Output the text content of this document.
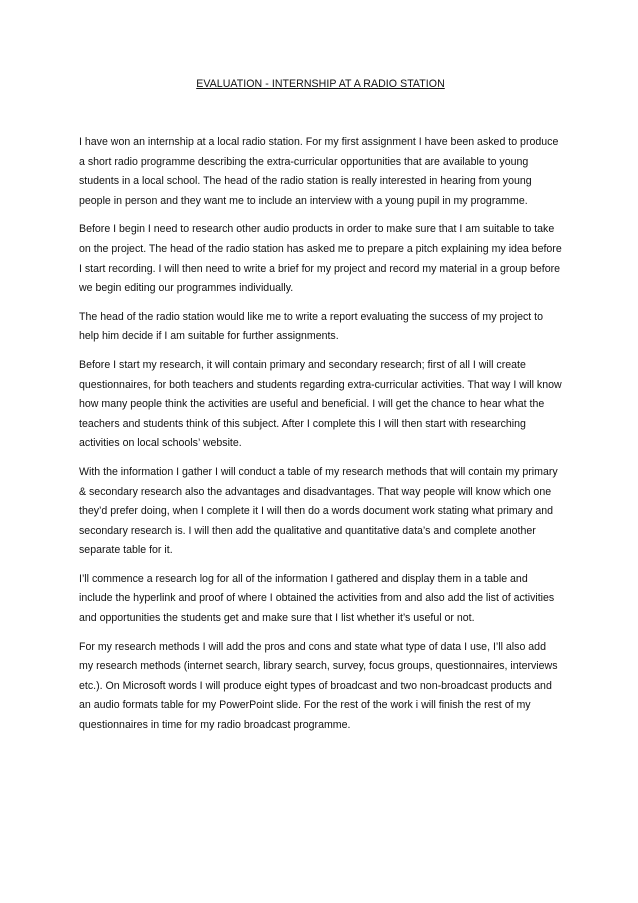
EVALUATION - INTERNSHIP AT A RADIO STATION

I have won an internship at a local radio station. For my first assignment I have been asked to produce a short radio programme describing the extra-curricular opportunities that are available to young students in a local school. The head of the radio station is really interested in hearing from young people in person and they want me to include an interview with a young pupil in my programme.

Before I begin I need to research other audio products in order to make sure that I am suitable to take on the project. The head of the radio station has asked me to prepare a pitch explaining my idea before I start recording. I will then need to write a brief for my project and record my material in a group before we begin editing our programmes individually.

The head of the radio station would like me to write a report evaluating the success of my project to help him decide if I am suitable for further assignments.

Before I start my research, it will contain primary and secondary research; first of all I will create questionnaires, for both teachers and students regarding extra-curricular activities. That way I will know how many people think the activities are useful and beneficial. I will get the chance to hear what the teachers and students think of this subject. After I complete this I will then start with researching activities on local schools’ website.

With the information I gather I will conduct a table of my research methods that will contain my primary & secondary research also the advantages and disadvantages. That way people will know which one they’d prefer doing, when I complete it I will then do a words document work stating what primary and secondary research is. I will then add the qualitative and quantitative data’s and complete another separate table for it.

I’ll commence a research log for all of the information I gathered and display them in a table and include the hyperlink and proof of where I obtained the activities from and also add the list of activities and opportunities the students get and make sure that I list whether it’s useful or not.

For my research methods I will add the pros and cons and state what type of data I use, I’ll also add my research methods (internet search, library search, survey, focus groups, questionnaires, interviews etc.). On Microsoft words I will produce eight types of broadcast and two non-broadcast products and an audio formats table for my PowerPoint slide. For the rest of the work i will finish the rest of my questionnaires in time for my radio broadcast programme.
